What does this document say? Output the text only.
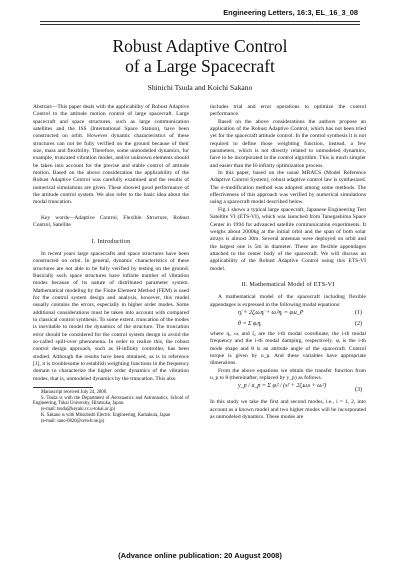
Engineering Letters, 16:3, EL_16_3_08
Robust Adaptive Control
of a Large Spacecraft
Shinichi Tsuda and Koichi Sakano

Abstract—This paper deals with the applicability of Robust Adaptive Control to the attitude motion control of large spacecraft. Large spacecraft and space structures, such as large communication satellites and the ISS (International Space Station), have been constructed on orbit. However dynamic characteristics of these structures can not be fully verified on the ground because of their size, mass and flexibility. Therefore, some unmodelled dynamics, for example, truncated vibration modes, and/or unknown elements should be taken into account for the precise and stable control of attitude motion. Based on the above consideration the applicability of the Robust Adaptive Control was carefully examined and the results of numerical simulations are given. These showed good performance of the attitude control system. We also refer to the basic idea about the modal truncation.

Key words—Adaptive Control, Flexible Structure, Robust Control, Satellite

I. Introduction

In recent years large spacecrafts and space structures have been constructed on orbit. In general, dynamic characteristics of these structures are not able to be fully verified by testing on the ground. Basically such space structures have infinite number of vibration modes because of its nature of distributed parameter system. Mathematical modeling by the Finite Element Method (FEM) is used for the control system design and analysis, however, this model usually contains the errors, especially in higher order modes. Some additional considerations must be taken into account with compared to classical control synthesis. To some extent, truncation of the modes is inevitable to model the dynamics of the structure. The truncation error should be considered for the control system design to avoid the so-called spill-over phenomena. In order to realize this, the robust control design approach, such as H-infinity controller, has been studied. Although the results have been obtained, as is in reference [1], it is troublesome to establish weighting functions in the frequency domain to characterize the higher order dynamics of the vibration modes, that is, unmodeled dynamics by the truncation. This also

Manuscript received July 24, 2008.
S. Tsuda is with the Department of Aeronautics and Astronautics, School of Engineering, Tokai University, Hiratsuka, Japan.
(e-mail: tsuda@keyaki.cc.u-tokai.ac.jp)
K. Sakano is with Mitsubishi Electric Engineering, Kamakura, Japan
(e-mail: sano-0820@crewb.ne.jp)

includes trial and error operations to optimize the control performance.

Based on the above considerations the authors propose an application of the Robust Adaptive Control, which has not been tried yet for the spacecraft attitude control. In the control synthesis it is not required to define those weighting function, instead, a few parameters, which is not directly related to unmodeled dynamics, have to be incorporated in the control algorithm. This is much simpler and easier than the H-infinity optimization process.

In this paper, based on the usual MRACS (Model Reference Adaptive Control System), robust adaptive control law is synthesized. The σ-modification method was adopted among some methods. The effectiveness of this approach was verified by numerical simulations using a spacecraft model described below.

Fig.1 shows a typical large spacecraft, Japanese Engineering Test Satellite VI (ETS-VI), which was launched from Tanegashima Space Center in 1994 for advanced satellite communication experiments. It weighs about 2000kg at the initial orbit and the span of both solar arrays is almost 30m. Several antennas were deployed on orbit and the largest one is 5m in diameter. These are flexible appendages attached to the center body of the spacecraft. We will discuss an applicability of the Robust Adaptive Control using this ETS-VI model.

II. Mathematical Model of ETS-VI

A mathematical model of the spacecraft including flexible appendages is expressed in the following modal equations:

η̈ᵢ + 2ζᵢωᵢη̇ᵢ + ωᵢ²ηᵢ = φᵢu_P	(1)
θ = Σ φᵢηᵢ	(2)

where ηᵢ, ωᵢ and ζᵢ are the i-th modal coordinate, the i-th modal frequency and the i-th modal damping, respectively. φᵢ is the i-th mode shape and θ is an attitude angle of the spacecraft. Control torque is given by u_p. And these variables have appropriate dimensions.

From the above equations we obtain the transfer function from u_p to θ (thereinafter, replaced by y_p) as follows.

y_p / u_p = Σ φᵢ² / (s² + 2ζᵢωᵢs + ωᵢ²)
(3)

In this study we take the first and second modes, i.e., i = 1, 2, into account as a known model and two higher modes will be incorporated as unmodeled dynamics. These modes are

(Advance online publication: 20 August 2008)
